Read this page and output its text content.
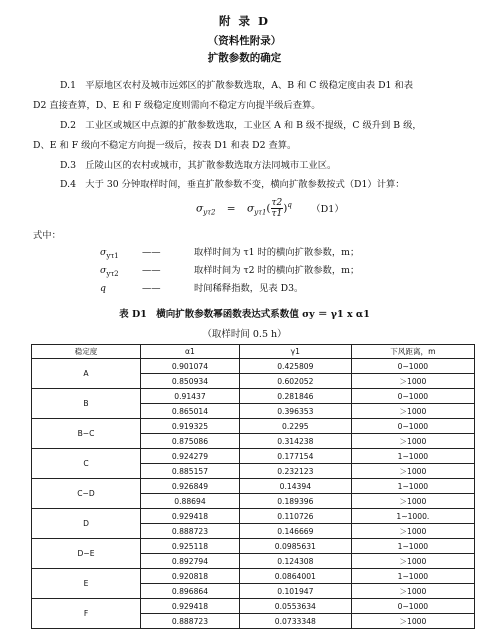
附 录 D
（资料性附录）
扩散参数的确定
D.1　平原地区农村及城市远郊区的扩散参数选取，A、B 和 C 级稳定度由表 D1 和表
D2 直接查算，D、E 和 F 级稳定度则需向不稳定方向提半级后查算。
D.2　工业区或城区中点源的扩散参数选取，工业区 A 和 B 级不提级，C 级升到 B 级，
D、E 和 F 级向不稳定方向提一级后，按表 D1 和表 D2 查算。
D.3　丘陵山区的农村或城市，其扩散参数选取方法同城市工业区。
D.4　大于 30 分钟取样时间，垂直扩散参数不变，横向扩散参数按式（D1）计算：
$\sigma_{y\tau 2} = \sigma_{y\tau 1}( \frac{\tau 2}{\tau 1} )^q$ （D1）
式中：
$\sigma_{y\tau 1}$	——	取样时间为 τ1 时的横向扩散参数，m；
$\sigma_{y\tau 2}$	——	取样时间为 τ2 时的横向扩散参数，m；
q	——	时间稀释指数，见表 D3。
表 D1　横向扩散参数幂函数表达式系数值 σy ＝ γ1 x α1
（取样时间 0.5 h）
稳定度	α1	γ1	下风距离，m
A	0.901074	0.425809	0~1000
	0.850934	0.602052	＞1000
B	0.91437	0.281846	0~1000
	0.865014	0.396353	＞1000
B−C	0.919325	0.2295	0~1000
	0.875086	0.314238	＞1000
C	0.924279	0.177154	1~1000
	0.885157	0.232123	＞1000
C−D	0.926849	0.14394	1~1000
	0.88694	0.189396	＞1000
D	0.929418	0.110726	1~1000.
	0.888723	0.146669	＞1000
D−E	0.925118	0.0985631	1~1000
	0.892794	0.124308	＞1000
E	0.920818	0.0864001	1~1000
	0.896864	0.101947	＞1000
F	0.929418	0.0553634	0~1000
	0.888723	0.0733348	＞1000
